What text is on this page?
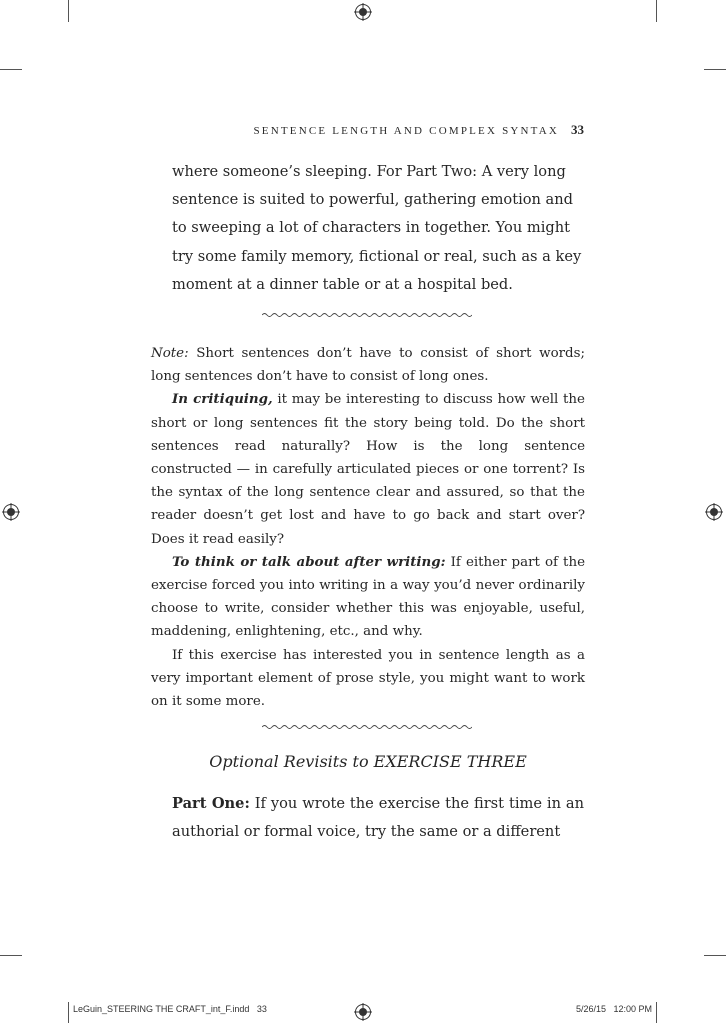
SENTENCE LENGTH AND COMPLEX SYNTAX 33

where someone’s sleeping. For Part Two: A very long sentence is suited to powerful, gathering emotion and to sweeping a lot of characters in together. You might try some family memory, fictional or real, such as a key moment at a dinner table or at a hospital bed.

Note: Short sentences don’t have to consist of short words; long sentences don’t have to consist of long ones.

In critiquing, it may be interesting to discuss how well the short or long sentences fit the story being told. Do the short sentences read naturally? How is the long sentence constructed — in carefully articulated pieces or one torrent? Is the syntax of the long sentence clear and assured, so that the reader doesn’t get lost and have to go back and start over? Does it read easily?

To think or talk about after writing: If either part of the exercise forced you into writing in a way you’d never ordinarily choose to write, consider whether this was enjoyable, useful, maddening, enlightening, etc., and why.

If this exercise has interested you in sentence length as a very important element of prose style, you might want to work on it some more.

Optional Revisits to EXERCISE THREE

Part One: If you wrote the exercise the first time in an authorial or formal voice, try the same or a different

LeGuin_STEERING THE CRAFT_int_F.indd   33	5/26/15   12:00 PM
